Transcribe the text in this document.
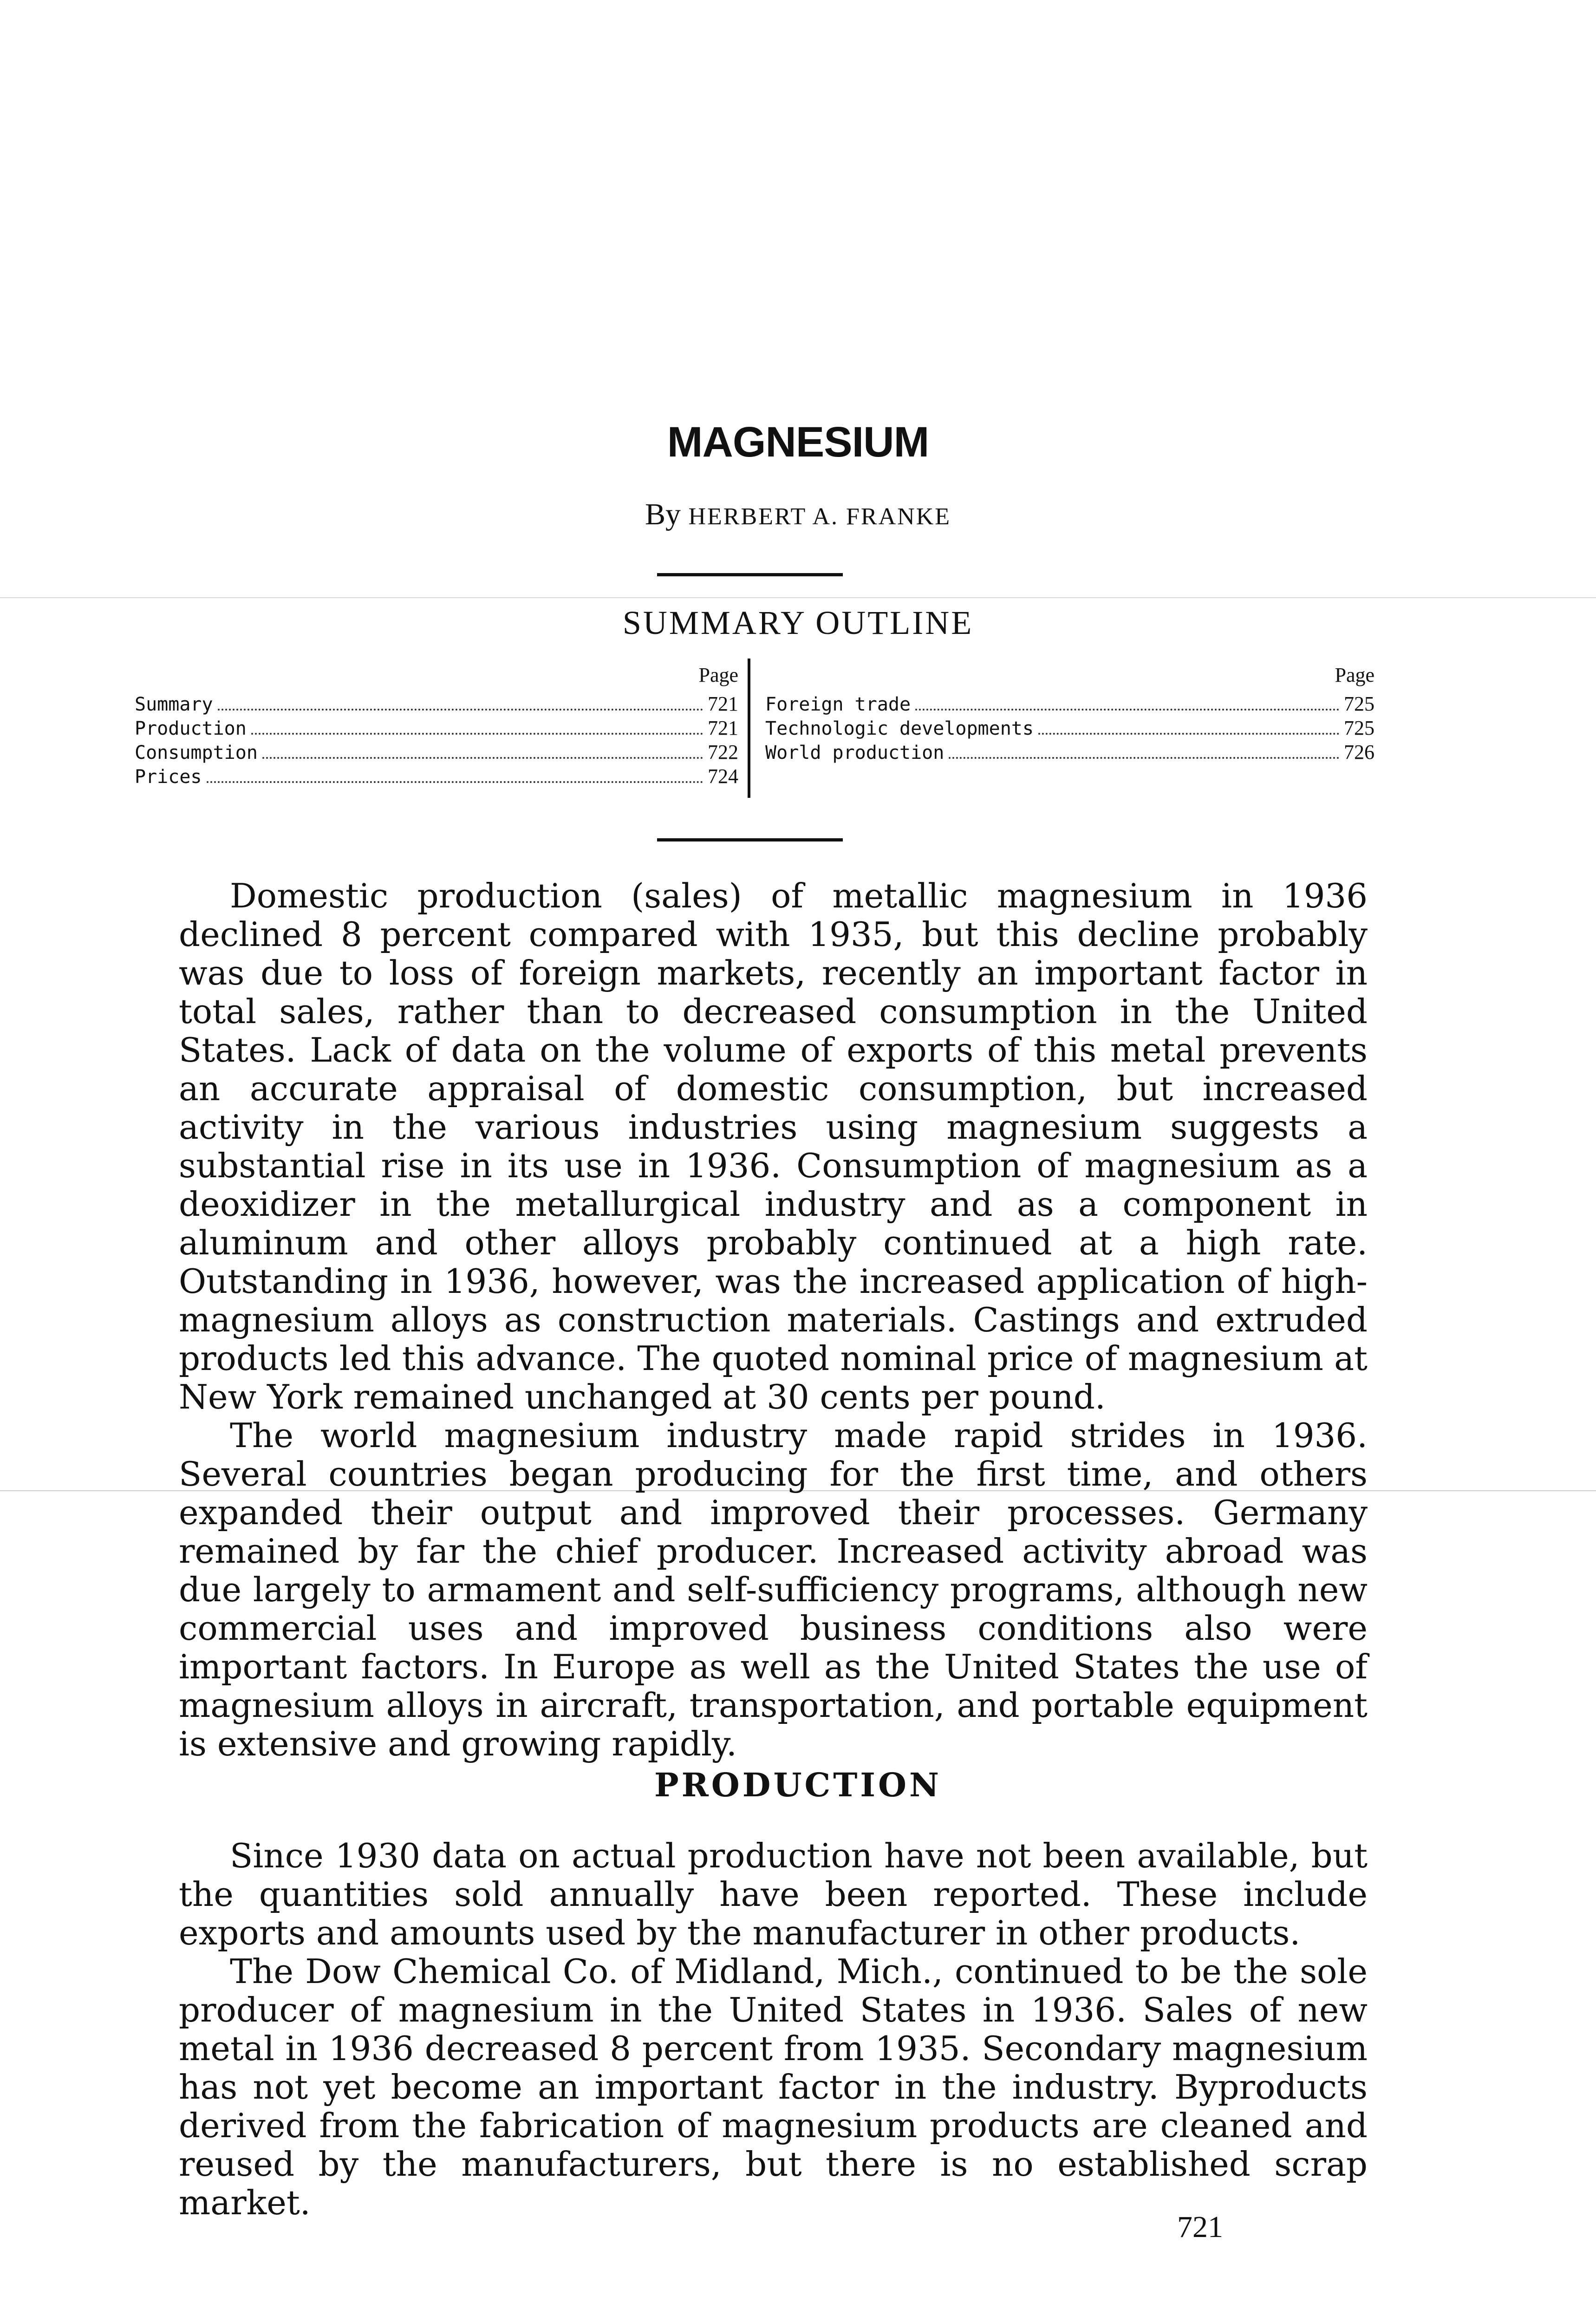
MAGNESIUM
By HERBERT A. FRANKE
SUMMARY OUTLINE
Page
Summary	721
Production	721
Consumption	722
Prices	724
Page
Foreign trade	725
Technologic developments	725
World production	726

Domestic production (sales) of metallic magnesium in 1936 declined 8 percent compared with 1935, but this decline probably was due to loss of foreign markets, recently an important factor in total sales, rather than to decreased consumption in the United States. Lack of data on the volume of exports of this metal prevents an accurate appraisal of domestic consumption, but increased activity in the various industries using magnesium suggests a substantial rise in its use in 1936. Consumption of magnesium as a deoxidizer in the metallurgical industry and as a component in aluminum and other alloys probably continued at a high rate. Outstanding in 1936, however, was the increased application of high-magnesium alloys as construction materials. Castings and extruded products led this advance. The quoted nominal price of magnesium at New York remained unchanged at 30 cents per pound.

The world magnesium industry made rapid strides in 1936. Several countries began producing for the first time, and others expanded their output and improved their processes. Germany remained by far the chief producer. Increased activity abroad was due largely to armament and self-sufficiency programs, although new commercial uses and improved business conditions also were important factors. In Europe as well as the United States the use of magnesium alloys in aircraft, transportation, and portable equipment is extensive and growing rapidly.

PRODUCTION

Since 1930 data on actual production have not been available, but the quantities sold annually have been reported. These include exports and amounts used by the manufacturer in other products.

The Dow Chemical Co. of Midland, Mich., continued to be the sole producer of magnesium in the United States in 1936. Sales of new metal in 1936 decreased 8 percent from 1935. Secondary magnesium has not yet become an important factor in the industry. Byproducts derived from the fabrication of magnesium products are cleaned and reused by the manufacturers, but there is no established scrap market.

721
